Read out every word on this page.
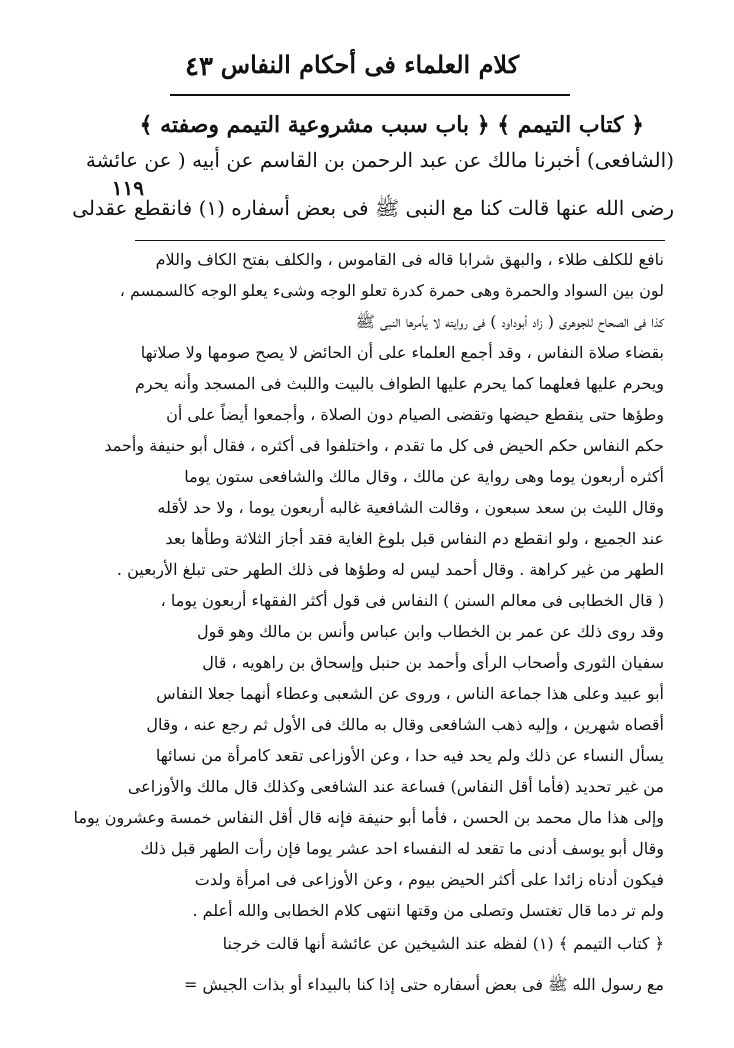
٤٣ كلام العلماء فى أحكام النفاس
﴿ كتاب التيمم ﴾ ﴿ باب سبب مشروعية التيمم وصفته ﴾
(الشافعى) أخبرنا مالك عن عبد الرحمن بن القاسم عن أبيه ( عن عائشة
١١٩
رضى الله عنها قالت كنا مع النبى ﷺ فى بعض أسفاره (١) فانقطع عقدلى
نافع للكلف طلاء ، والبهق شرابا قاله فى القاموس ، والكلف بفتح الكاف واللام
لون بين السواد والحمرة وهى حمرة كدرة تعلو الوجه وشىء يعلو الوجه كالسمسم ،
كذا فى الصحاح للجوهرى ( زاد أبوداود ) فى روايته لا يأمرها النبى ﷺ
بقضاء صلاة النفاس ، وقد أجمع العلماء على أن الحائض لا يصح صومها ولا صلاتها
ويحرم عليها فعلهما كما يحرم عليها الطواف بالبيت واللبث فى المسجد وأنه يحرم
وطؤها حتى ينقطع حيضها وتقضى الصيام دون الصلاة ، وأجمعوا أيضاً على أن
حكم النفاس حكم الحيض فى كل ما تقدم ، واختلفوا فى أكثره ، فقال أبو حنيفة وأحمد
أكثره أربعون يوما وهى رواية عن مالك ، وقال مالك والشافعى ستون يوما
وقال الليث بن سعد سبعون ، وقالت الشافعية غالبه أربعون يوما ، ولا حد لأقله
عند الجميع ، ولو انقطع دم النفاس قبل بلوغ الغاية فقد أجاز الثلاثة وطأها بعد
الطهر من غير كراهة . وقال أحمد ليس له وطؤها فى ذلك الطهر حتى تبلغ الأربعين .
( قال الخطابى فى معالم السنن ) النفاس فى قول أكثر الفقهاء أربعون يوما ،
وقد روى ذلك عن عمر بن الخطاب وابن عباس وأنس بن مالك وهو قول
سفيان الثورى وأصحاب الرأى وأحمد بن حنبل وإسحاق بن راهويه ، قال
أبو عبيد وعلى هذا جماعة الناس ، وروى عن الشعبى وعطاء أنهما جعلا النفاس
أقصاه شهرين ، وإليه ذهب الشافعى وقال به مالك فى الأول ثم رجع عنه ، وقال
يسأل النساء عن ذلك ولم يحد فيه حدا ، وعن الأوزاعى تقعد كامرأة من نسائها
من غير تحديد (فأما أقل النفاس) فساعة عند الشافعى وكذلك قال مالك والأوزاعى
وإلى هذا مال محمد بن الحسن ، فأما أبو حنيفة فإنه قال أقل النفاس خمسة وعشرون يوما
وقال أبو يوسف أدنى ما تقعد له النفساء احد عشر يوما فإن رأت الطهر قبل ذلك
فيكون أدناه زائدا على أكثر الحيض بيوم ، وعن الأوزاعى فى امرأة ولدت
ولم تر دما قال تغتسل وتصلى من وقتها انتهى كلام الخطابى والله أعلم .
﴿ كتاب التيمم ﴾ (١) لفظه عند الشيخين عن عائشة أنها قالت خرجنا
مع رسول الله ﷺ فى بعض أسفاره حتى إذا كنا بالبيداء أو بذات الجيش =
